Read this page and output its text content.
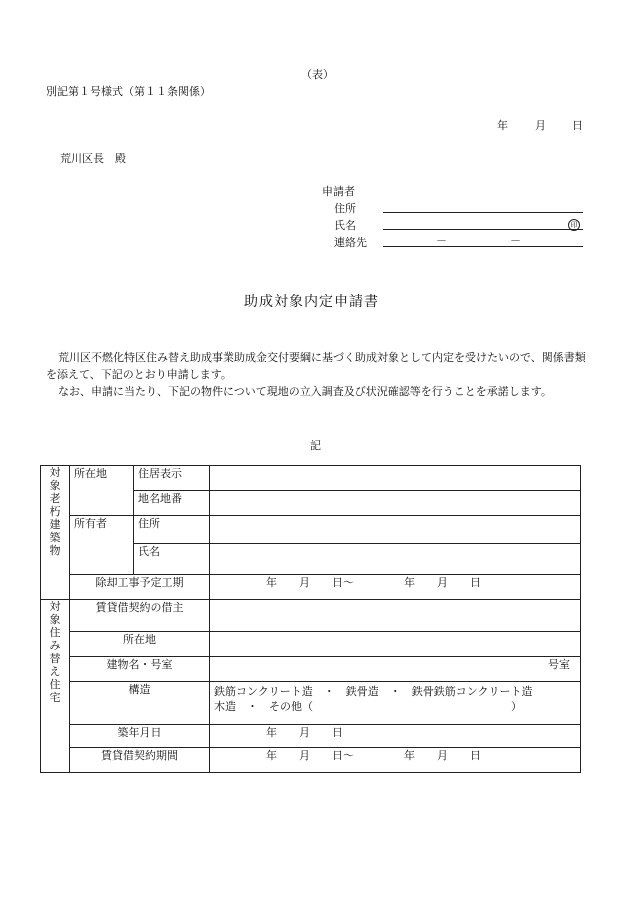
（表）
別記第１号様式（第１１条関係）
年 月 日
荒川区長　殿
申請者
住所
氏名	印
連絡先	－	－
助成対象内定申請書
荒川区不燃化特区住み替え助成事業助成金交付要綱に基づく助成対象として内定を受けたいので、関係書類を添えて、下記のとおり申請します。
なお、申請に当たり、下記の物件について現地の立入調査及び状況確認等を行うことを承諾します。
記
対象老朽建築物	所在地	住居表示	
		地名地番	
	所有者	住所	
		氏名	
	除却工事予定工期		年 月 日～ 年 月 日
対象住み替え住宅	賃貸借契約の借主		
	所在地		
	建物名・号室		号室
	構造		鉄筋コンクリート造　・　鉄骨造　・　鉄骨鉄筋コンクリート造
木造　・　その他（　　　　　　　　　　　　　　　　　　）

	築年月日		年 月 日
	賃貸借契約期間		年 月 日～ 年 月 日
